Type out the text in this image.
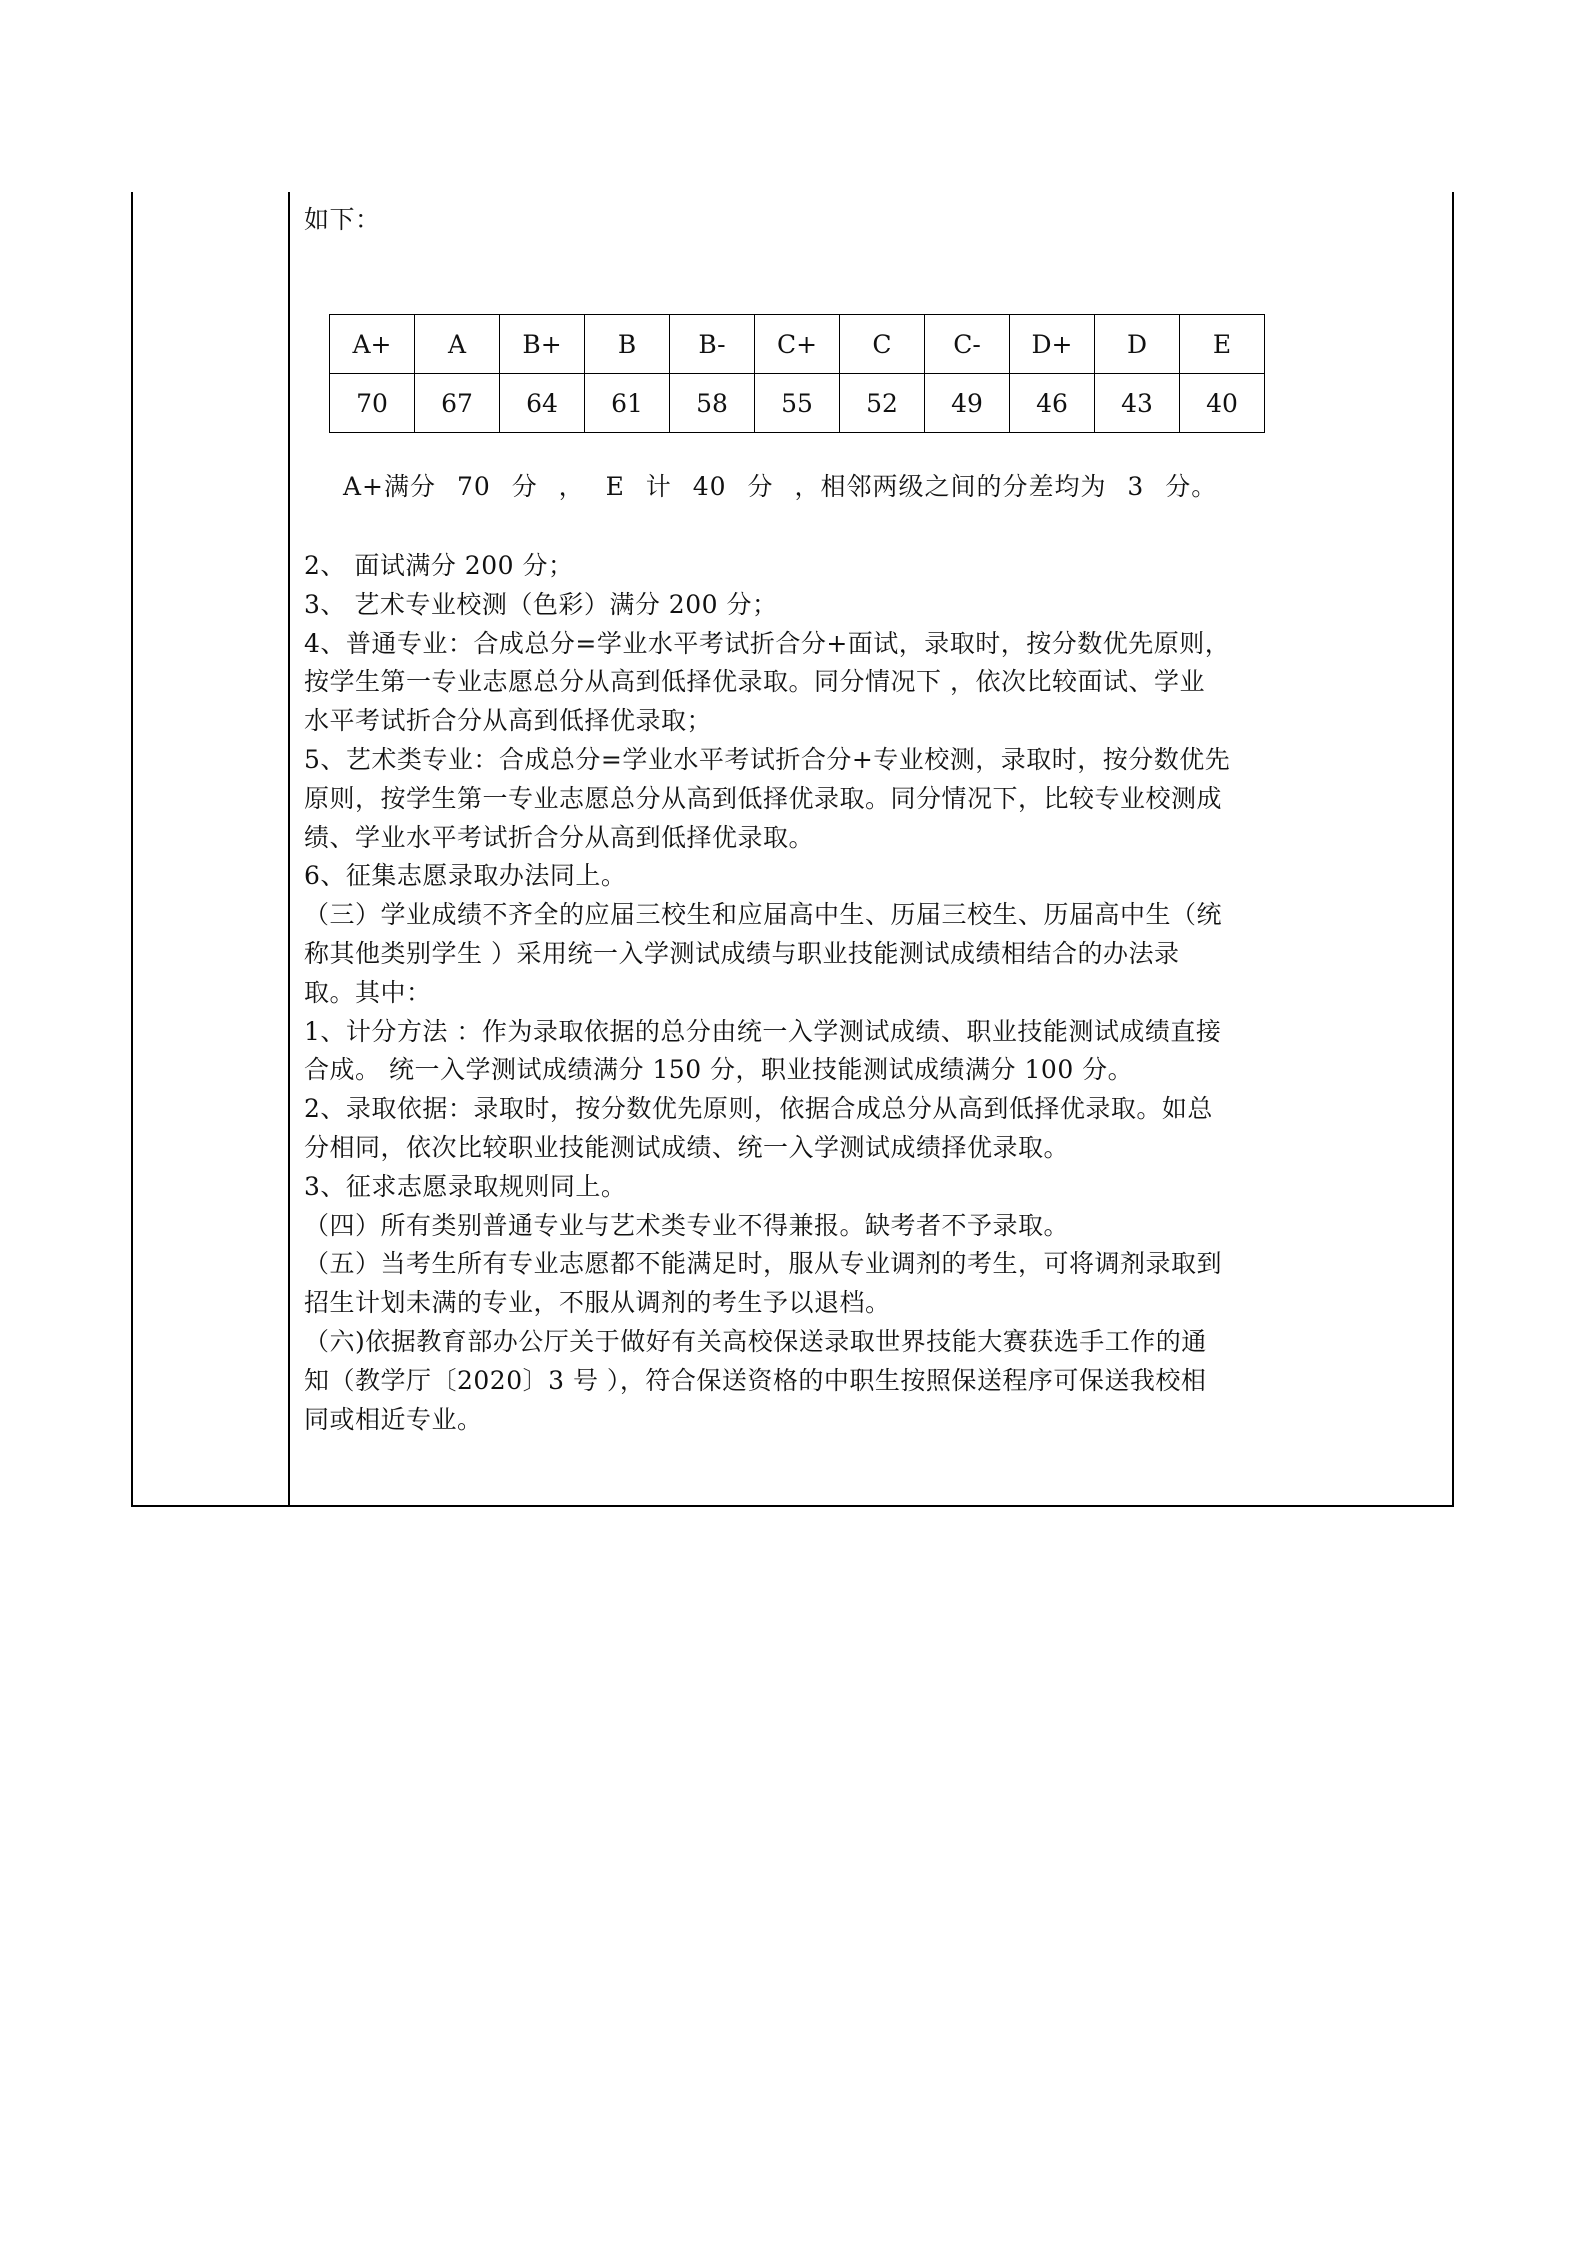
如下：
A+	A	B+	B	B-	C+	C	C-	D+	D	E
70	67	64	61	58	55	52	49	46	43	40
A+满分 70 分 ， E 计 40 分 ，相邻两级之间的分差均为 3 分。
2、 面试满分 200 分；
3、 艺术专业校测（色彩）满分 200 分；
4、普通专业：合成总分=学业水平考试折合分+面试，录取时，按分数优先原则，
按学生第一专业志愿总分从高到低择优录取。同分情况下 ，依次比较面试、学业
水平考试折合分从高到低择优录取；
5、艺术类专业：合成总分=学业水平考试折合分+专业校测，录取时，按分数优先
原则，按学生第一专业志愿总分从高到低择优录取。同分情况下，比较专业校测成
绩、学业水平考试折合分从高到低择优录取。
6、征集志愿录取办法同上。
（三）学业成绩不齐全的应届三校生和应届高中生、历届三校生、历届高中生（统
称其他类别学生 ）采用统一入学测试成绩与职业技能测试成绩相结合的办法录
取。其中：
1、计分方法 ：作为录取依据的总分由统一入学测试成绩、职业技能测试成绩直接
合成。 统一入学测试成绩满分 150 分，职业技能测试成绩满分 100 分。
2、录取依据：录取时，按分数优先原则，依据合成总分从高到低择优录取。如总
分相同，依次比较职业技能测试成绩、统一入学测试成绩择优录取。
3、征求志愿录取规则同上。
（四）所有类别普通专业与艺术类专业不得兼报。缺考者不予录取。
（五）当考生所有专业志愿都不能满足时，服从专业调剂的考生，可将调剂录取到
招生计划未满的专业，不服从调剂的考生予以退档。
（六)依据教育部办公厅关于做好有关高校保送录取世界技能大赛获选手工作的通
知（教学厅〔2020〕3 号 ），符合保送资格的中职生按照保送程序可保送我校相
同或相近专业。
